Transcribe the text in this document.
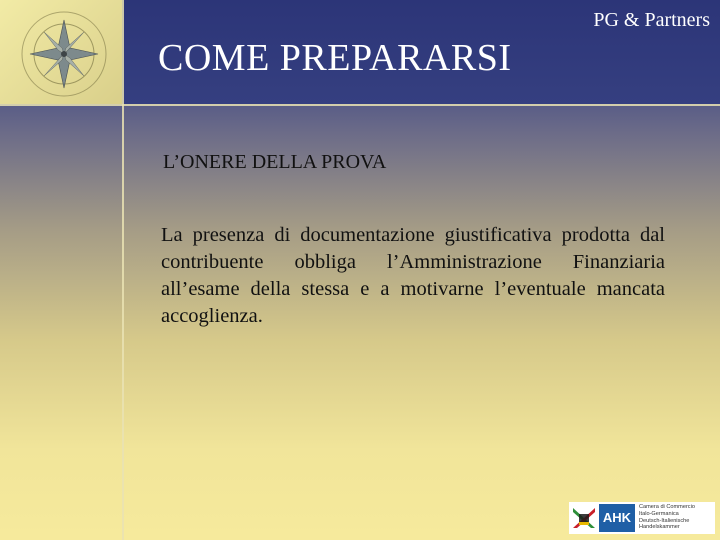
PG & Partners
COME PREPARARSI
L’ONERE DELLA PROVA
La presenza di documentazione giustificativa prodotta dal contribuente obbliga l’Amministrazione Finanziaria all’esame della stessa e a motivarne l’eventuale mancata accoglienza.
AHK
Camera di Commercio
Italo-Germanica
Deutsch-Italienische
Handelskammer
